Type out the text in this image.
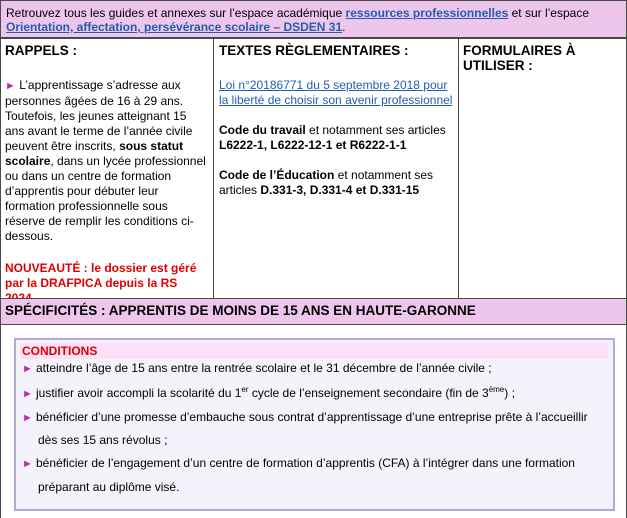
Retrouvez tous les guides et annexes sur l’espace académique ressources professionnelles et sur l’espace
Orientation, affectation, persévérance scolaire – DSDEN 31.
RAPPELS :

► L’apprentissage s’adresse aux personnes âgées de 16 à 29 ans. Toutefois, les jeunes atteignant 15 ans avant le terme de l’année civile peuvent être inscrits, sous statut scolaire, dans un lycée professionnel ou dans un centre de formation d’apprentis pour débuter leur formation professionnelle sous réserve de remplir les conditions ci-dessous.

NOUVEAUTÉ : le dossier est géré par la DRAFPICA depuis la RS

TEXTES RÈGLEMENTAIRES :

Loi n°20186771 du 5 septembre 2018 pour la liberté de choisir son avenir professionnel

Code du travail et notamment ses articles L6222-1, L6222-12-1 et R6222-1-1

Code de l’Éducation et notamment ses articles D.331-3, D.331-4 et D.331-15

FORMULAIRES À UTILISER :
SPÉCIFICITÉS : APPRENTIS DE MOINS DE 15 ANS EN HAUTE-GARONNE
CONDITIONS
► atteindre l’âge de 15 ans entre la rentrée scolaire et le 31 décembre de l’année civile ;
► justifier avoir accompli la scolarité du 1er cycle de l’enseignement secondaire (fin de 3ème) ;
► bénéficier d’une promesse d’embauche sous contrat d’apprentissage d’une entreprise prête à l’accueillir
dès ses 15 ans révolus ;
► bénéficier de l’engagement d’un centre de formation d’apprentis (CFA) à l’intégrer dans une formation
préparant au diplôme visé.
